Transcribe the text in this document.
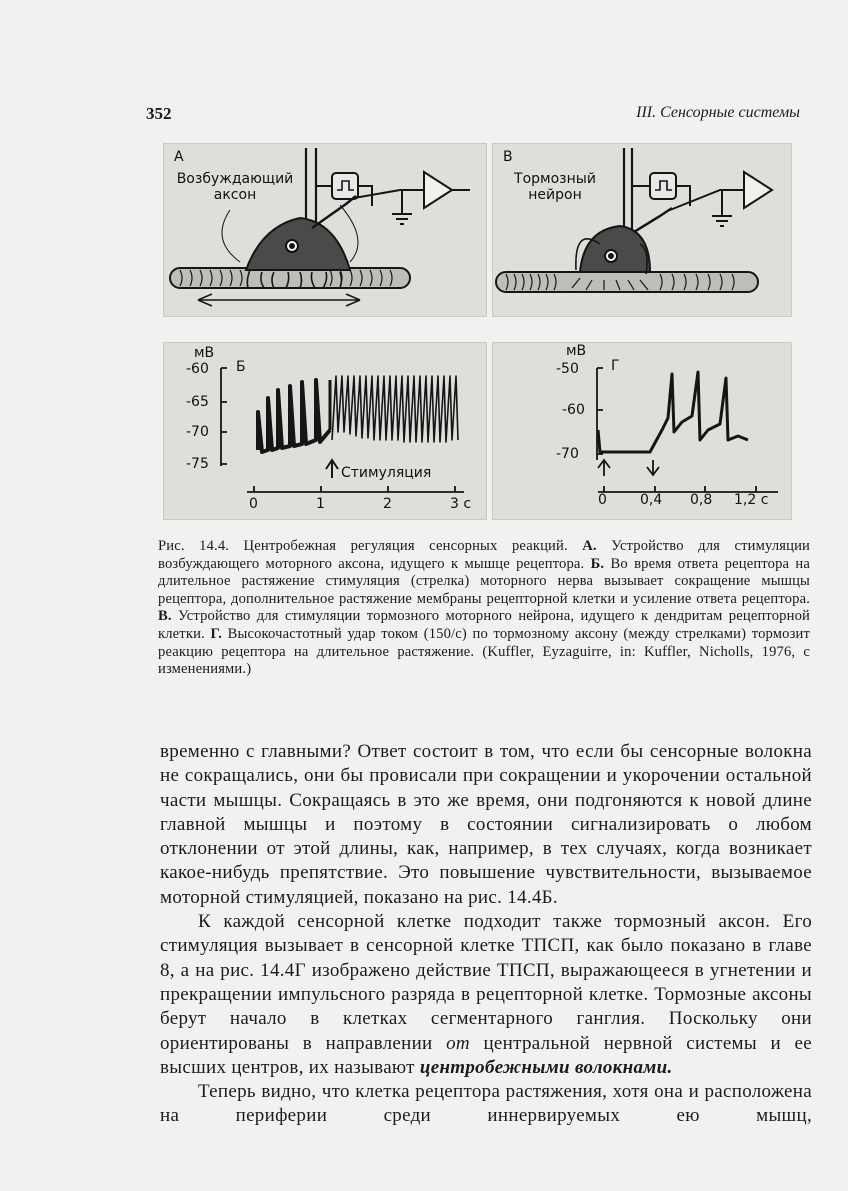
352	III. Сенсорные системы
А
Возбуждающий
аксон
В
Тормозный
нейрон
мВ
Б
-60
-65
-70
-75
Стимуляция
0	1	2	3 с
мВ
Г
-50
-60
-70
0 0,4 0,8 1,2 с
Рис. 14.4. Центробежная регуляция сенсорных реакций. А. Устройство для стимуляции возбуждающего моторного аксона, идущего к мышце рецептора. Б. Во время ответа рецептора на длительное растяжение стимуляция (стрелка) моторного нерва вызывает сокращение мышцы рецептора, дополнительное растяжение мембраны рецепторной клетки и усиление ответа рецептора. В. Устройство для стимуляции тормозного моторного нейрона, идущего к дендритам рецепторной клетки. Г. Высокочастотный удар током (150/с) по тормозному аксону (между стрелками) тормозит реакцию рецептора на длительное растяжение. (Kuffler, Eyzaguirre, in: Kuffler, Nicholls, 1976, с изменениями.)

временно с главными? Ответ состоит в том, что если бы сенсорные волокна не сокращались, они бы провисали при сокращении и укорочении остальной части мышцы. Сокращаясь в это же время, они подгоняются к новой длине главной мышцы и поэтому в состоянии сигнализировать о любом отклонении от этой длины, как, например, в тех случаях, когда возникает какое-нибудь препятствие. Это повышение чувствительности, вызываемое моторной стимуляцией, показано на рис. 14.4Б.

К каждой сенсорной клетке подходит также тормозный аксон. Его стимуляция вызывает в сенсорной клетке ТПСП, как было показано в главе 8, а на рис. 14.4Г изображено действие ТПСП, выражающееся в угнетении и прекращении импульсного разряда в рецепторной клетке. Тормозные аксоны берут начало в клетках сегментарного ганглия. Поскольку они ориентированы в направлении от центральной нервной системы и ее высших центров, их называют центробежными волокнами.

Теперь видно, что клетка рецептора растяжения, хотя она и расположена на периферии среди иннервируемых ею мышц,
